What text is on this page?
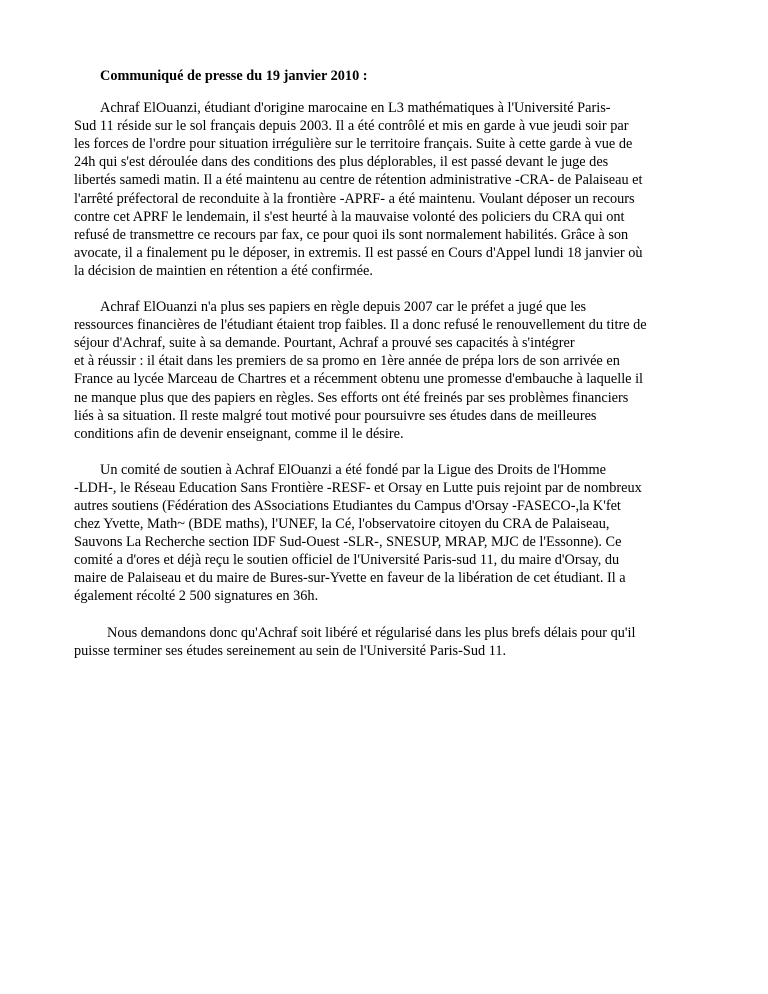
Communiqué de presse du 19 janvier 2010 :
Achraf ElOuanzi, étudiant d'origine marocaine en L3 mathématiques à l'Université Paris-
Sud 11 réside sur le sol français depuis 2003. Il a été contrôlé et mis en garde à vue jeudi soir par
les forces de l'ordre pour situation irrégulière sur le territoire français. Suite à cette garde à vue de
24h qui s'est déroulée dans des conditions des plus déplorables, il est passé devant le juge des
libertés samedi matin. Il a été maintenu au centre de rétention administrative -CRA- de Palaiseau et
l'arrêté préfectoral de reconduite à la frontière -APRF- a été maintenu. Voulant déposer un recours
contre cet APRF le lendemain, il s'est heurté à la mauvaise volonté des policiers du CRA qui ont
refusé de transmettre ce recours par fax, ce pour quoi ils sont normalement habilités. Grâce à son
avocate, il a finalement pu le déposer, in extremis. Il est passé en Cours d'Appel lundi 18 janvier où
la décision de maintien en rétention a été confirmée.
Achraf ElOuanzi n'a plus ses papiers en règle depuis 2007 car le préfet a jugé que les
ressources financières de l'étudiant étaient trop faibles. Il a donc refusé le renouvellement du titre de
séjour d'Achraf, suite à sa demande. Pourtant, Achraf a prouvé ses capacités à s'intégrer
et à réussir : il était dans les premiers de sa promo en 1ère année de prépa lors de son arrivée en
France au lycée Marceau de Chartres et a récemment obtenu une promesse d'embauche à laquelle il
ne manque plus que des papiers en règles. Ses efforts ont été freinés par ses problèmes financiers
liés à sa situation. Il reste malgré tout motivé pour poursuivre ses études dans de meilleures
conditions afin de devenir enseignant, comme il le désire.
Un comité de soutien à Achraf ElOuanzi a été fondé par la Ligue des Droits de l'Homme
-LDH-, le Réseau Education Sans Frontière -RESF- et Orsay en Lutte puis rejoint par de nombreux
autres soutiens (Fédération des ASsociations Etudiantes du Campus d'Orsay -FASECO-,la K'fet
chez Yvette, Math~ (BDE maths), l'UNEF, la Cé, l'observatoire citoyen du CRA de Palaiseau,
Sauvons La Recherche section IDF Sud-Ouest -SLR-, SNESUP, MRAP, MJC de l'Essonne). Ce
comité a d'ores et déjà reçu le soutien officiel de l'Université Paris-sud 11, du maire d'Orsay, du
maire de Palaiseau et du maire de Bures-sur-Yvette en faveur de la libération de cet étudiant. Il a
également récolté 2 500 signatures en 36h.
Nous demandons donc qu'Achraf soit libéré et régularisé dans les plus brefs délais pour qu'il
puisse terminer ses études sereinement au sein de l'Université Paris-Sud 11.
